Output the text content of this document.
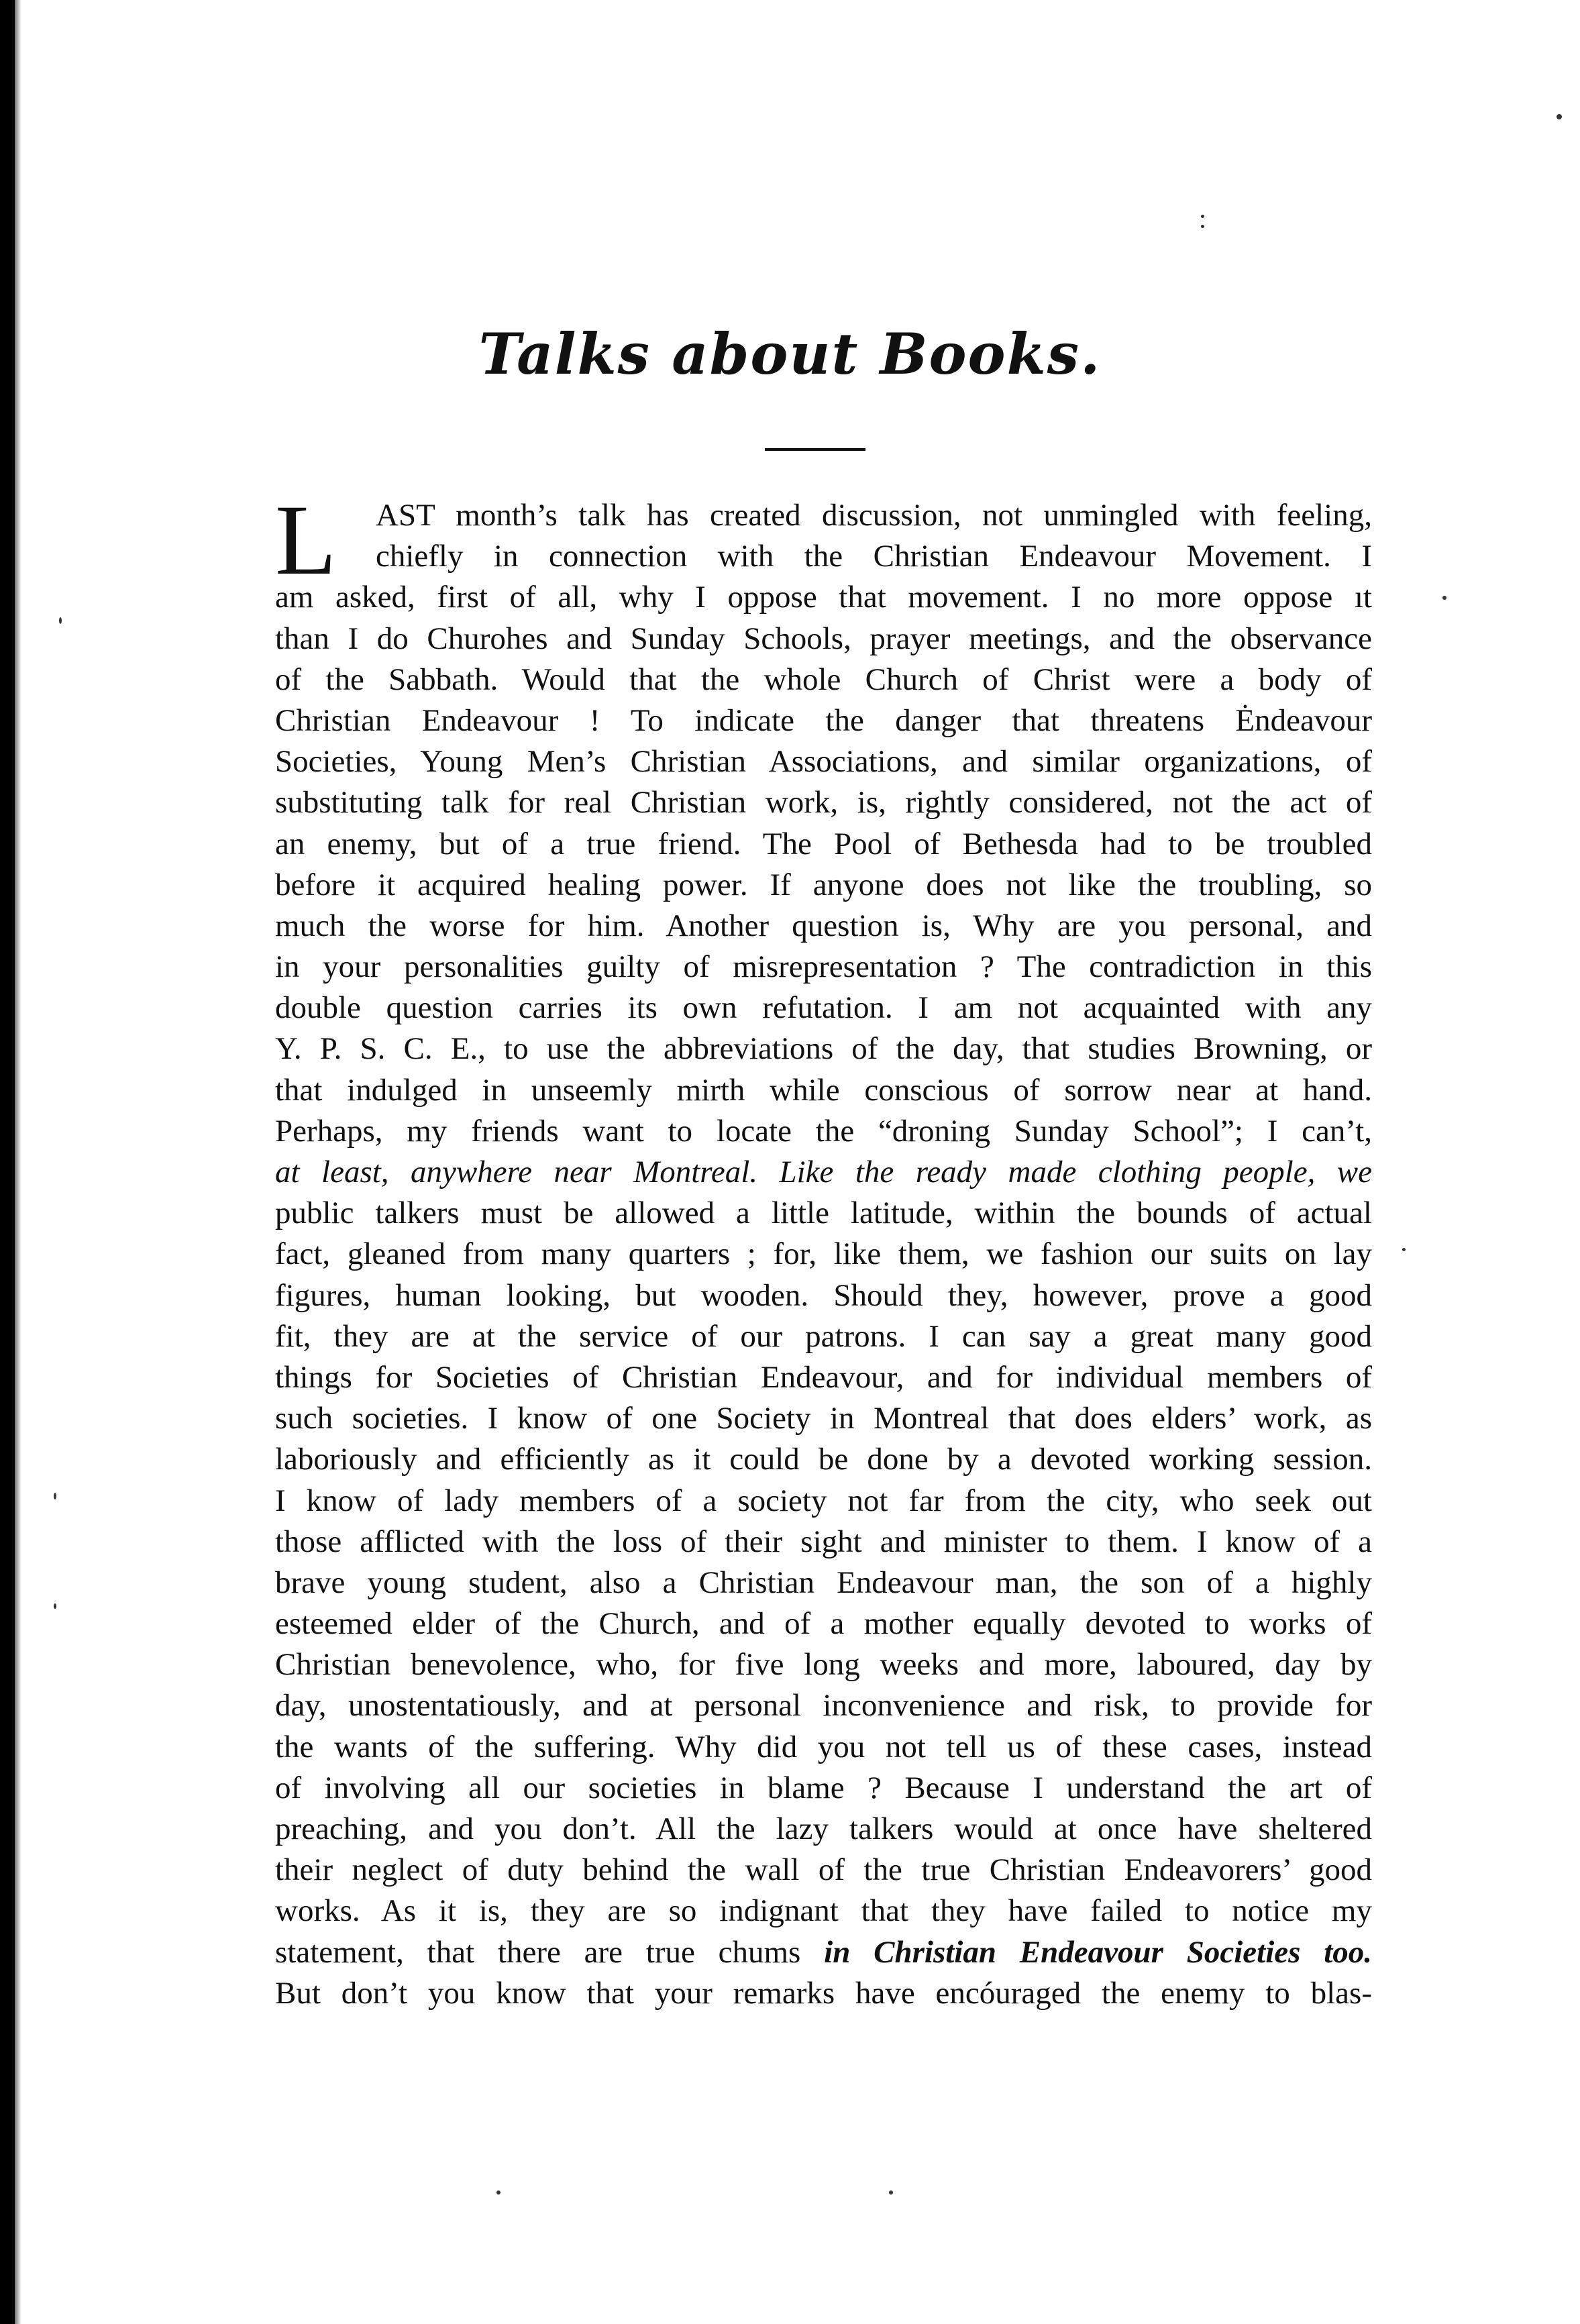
Talks about Books.
L	AST month’s talk has created discussion, not unmingled with feeling,
chiefly in connection with the Christian Endeavour Movement. I
am asked, first of all, why I oppose that movement. I no more oppose ıt
than I do Churohes and Sunday Schools, prayer meetings, and the observance
of the Sabbath. Would that the whole Church of Christ were a body of
Christian Endeavour ! To indicate the danger that threatens Ėndeavour
Societies, Young Men’s Christian Associations, and similar organizations, of
substituting talk for real Christian work, is, rightly considered, not the act of
an enemy, but of a true friend. The Pool of Bethesda had to be troubled
before it acquired healing power. If anyone does not like the troubling, so
much the worse for him. Another question is, Why are you personal, and
in your personalities guilty of misrepresentation ? The contradiction in this
double question carries its own refutation. I am not acquainted with any
Y. P. S. C. E., to use the abbreviations of the day, that studies Browning, or
that indulged in unseemly mirth while conscious of sorrow near at hand.
Perhaps, my friends want to locate the “droning Sunday School”; I can’t,
at least, anywhere near Montreal. Like the ready made clothing people, we
public talkers must be allowed a little latitude, within the bounds of actual
fact, gleaned from many quarters ; for, like them, we fashion our suits on lay
figures, human looking, but wooden. Should they, however, prove a good
fit, they are at the service of our patrons. I can say a great many good
things for Societies of Christian Endeavour, and for individual members of
such societies. I know of one Society in Montreal that does elders’ work, as
laboriously and efficiently as it could be done by a devoted working session.
I know of lady members of a society not far from the city, who seek out
those afflicted with the loss of their sight and minister to them. I know of a
brave young student, also a Christian Endeavour man, the son of a highly
esteemed elder of the Church, and of a mother equally devoted to works of
Christian benevolence, who, for five long weeks and more, laboured, day by
day, unostentatiously, and at personal inconvenience and risk, to provide for
the wants of the suffering. Why did you not tell us of these cases, instead
of involving all our societies in blame ? Because I understand the art of
preaching, and you don’t. All the lazy talkers would at once have sheltered
their neglect of duty behind the wall of the true Christian Endeavorers’ good
works. As it is, they are so indignant that they have failed to notice my
statement, that there are true chums in Christian Endeavour Societies too.
But don’t you know that your remarks have encóuraged the enemy to blas-
